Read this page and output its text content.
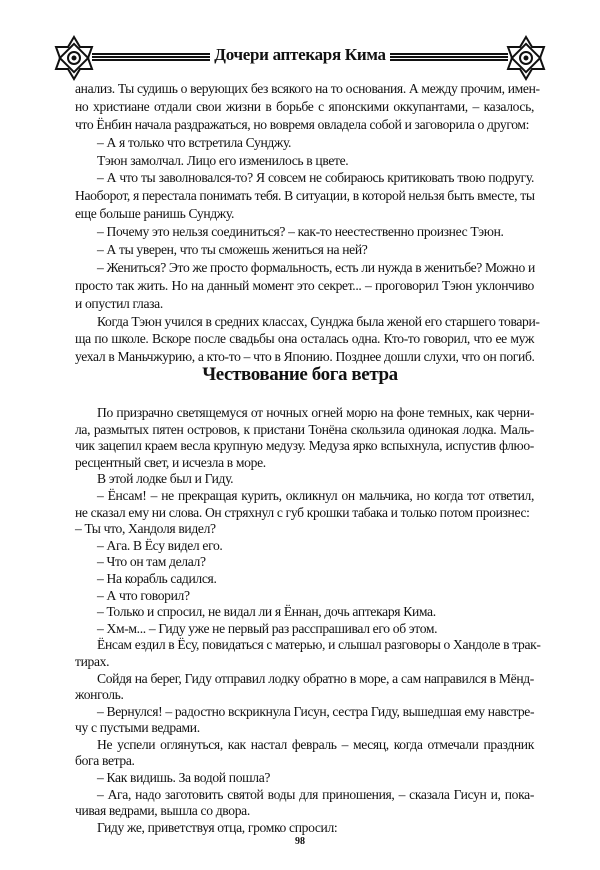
Дочери аптекаря Кима
анализ. Ты судишь о верующих без всякого на то основания. А между прочим, имен-
но христиане отдали свои жизни в борьбе с японскими оккупантами, – казалось,
что Ёнбин начала раздражаться, но вовремя овладела собой и заговорила о другом:
– А я только что встретила Сунджу.
Тэюн замолчал. Лицо его изменилось в цвете.
– А что ты заволновался-то? Я совсем не собираюсь критиковать твою подругу.
Наоборот, я перестала понимать тебя. В ситуации, в которой нельзя быть вместе, ты
еще больше ранишь Сунджу.
– Почему это нельзя соединиться? – как-то неестественно произнес Тэюн.
– А ты уверен, что ты сможешь жениться на ней?
– Жениться? Это же просто формальность, есть ли нужда в женитьбе? Можно и
просто так жить. Но на данный момент это секрет... – проговорил Тэюн уклончиво
и опустил глаза.
Когда Тэюн учился в средних классах, Сунджа была женой его старшего товари-
ща по школе. Вскоре после свадьбы она осталась одна. Кто-то говорил, что ее муж
уехал в Маньчжурию, а кто-то – что в Японию. Позднее дошли слухи, что он погиб.
Чествование бога ветра
По призрачно светящемуся от ночных огней морю на фоне темных, как черни-
ла, размытых пятен островов, к пристани Тонёна скользила одинокая лодка. Маль-
чик зацепил краем весла крупную медузу. Медуза ярко вспыхнула, испустив флюо-
ресцентный свет, и исчезла в море.
В этой лодке был и Гиду.
– Ёнсам! – не прекращая курить, окликнул он мальчика, но когда тот ответил,
не сказал ему ни слова. Он стряхнул с губ крошки табака и только потом произнес:
– Ты что, Хандоля видел?
– Ага. В Ёсу видел его.
– Что он там делал?
– На корабль садился.
– А что говорил?
– Только и спросил, не видал ли я Ённан, дочь аптекаря Кима.
– Хм-м... – Гиду уже не первый раз расспрашивал его об этом.
Ёнсам ездил в Ёсу, повидаться с матерью, и слышал разговоры о Хандоле в трак-
тирах.
Сойдя на берег, Гиду отправил лодку обратно в море, а сам направился в Мёнд-
жонголь.
– Вернулся! – радостно вскрикнула Гисун, сестра Гиду, вышедшая ему навстре-
чу с пустыми ведрами.
Не успели оглянуться, как настал февраль – месяц, когда отмечали праздник
бога ветра.
– Как видишь. За водой пошла?
– Ага, надо заготовить святой воды для приношения, – сказала Гисун и, пока-
чивая ведрами, вышла со двора.
Гиду же, приветствуя отца, громко спросил:
98
